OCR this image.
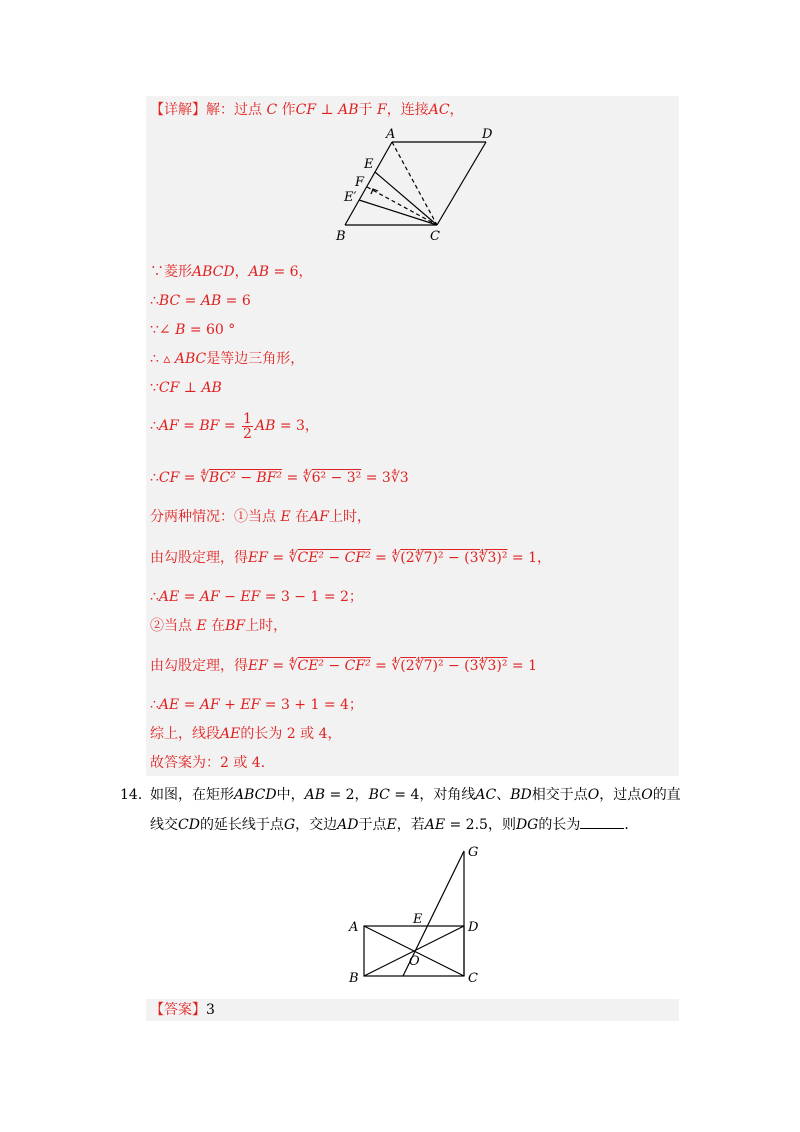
【详解】解：过点 C 作CF ⊥ AB于 F，连接AC，
A	D
E
F
E′
B	C
∵菱形ABCD，AB = 6，
∴BC = AB = 6
∵∠ B = 60 °
∴ ▵ ABC是等边三角形，
∵CF ⊥ AB
∴AF = BF = $\frac{1}{2}$ AB = 3，
∴CF = ∜BC² − BF² = ∜6² − 3² = 3∜3
分两种情况：①当点 E 在AF上时，
由勾股定理，得EF = ∜CE² − CF² = ∜(2∜7)² − (3∜3)² = 1，
∴AE = AF − EF = 3 − 1 = 2；
②当点 E 在BF上时，
由勾股定理，得EF = ∜CE² − CF² = ∜(2∜7)² − (3∜3)² = 1
∴AE = AF + EF = 3 + 1 = 4；
综上，线段AE的长为 2 或 4，
故答案为：2 或 4．
14．
如图，在矩形ABCD中，AB = 2，BC = 4，对角线AC、BD相交于点O，过点O的直
线交CD的延长线于点G，交边AD于点E，若AE = 2.5，则DG的长为	．
G
A
E
D
O
B	C
【答案】3
